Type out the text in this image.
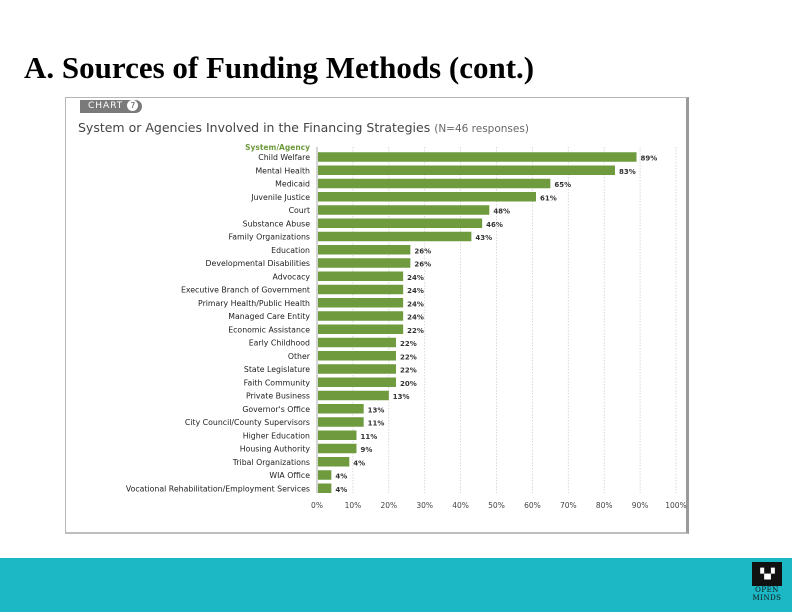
A. Sources of Funding Methods (cont.)
CHART 7
System or Agencies Involved in the Financing Strategies (N=46 responses)
System/Agency
Child Welfare	89%
Mental Health	83%
Medicaid	65%
Juvenile Justice	61%
Court	48%
Substance Abuse	46%
Family Organizations	43%
Education	26%
Developmental Disabilities	26%
Advocacy	24%
Executive Branch of Government	24%
Primary Health/Public Health	24%
Managed Care Entity	24%
Economic Assistance	22%
Early Childhood	22%
Other	22%
State Legislature	22%
Faith Community	20%
Private Business	13%
Governor's Office	13%
City Council/County Supervisors	11%
Higher Education	11%
Housing Authority	9%
Tribal Organizations	4%
WIA Office	4%
Vocational Rehabilitation/Employment Services	4%
0%	10%	20%	30%	40%	50%	60%	70%	80%	90% 100%
▚▞
OPEN
MINDS
